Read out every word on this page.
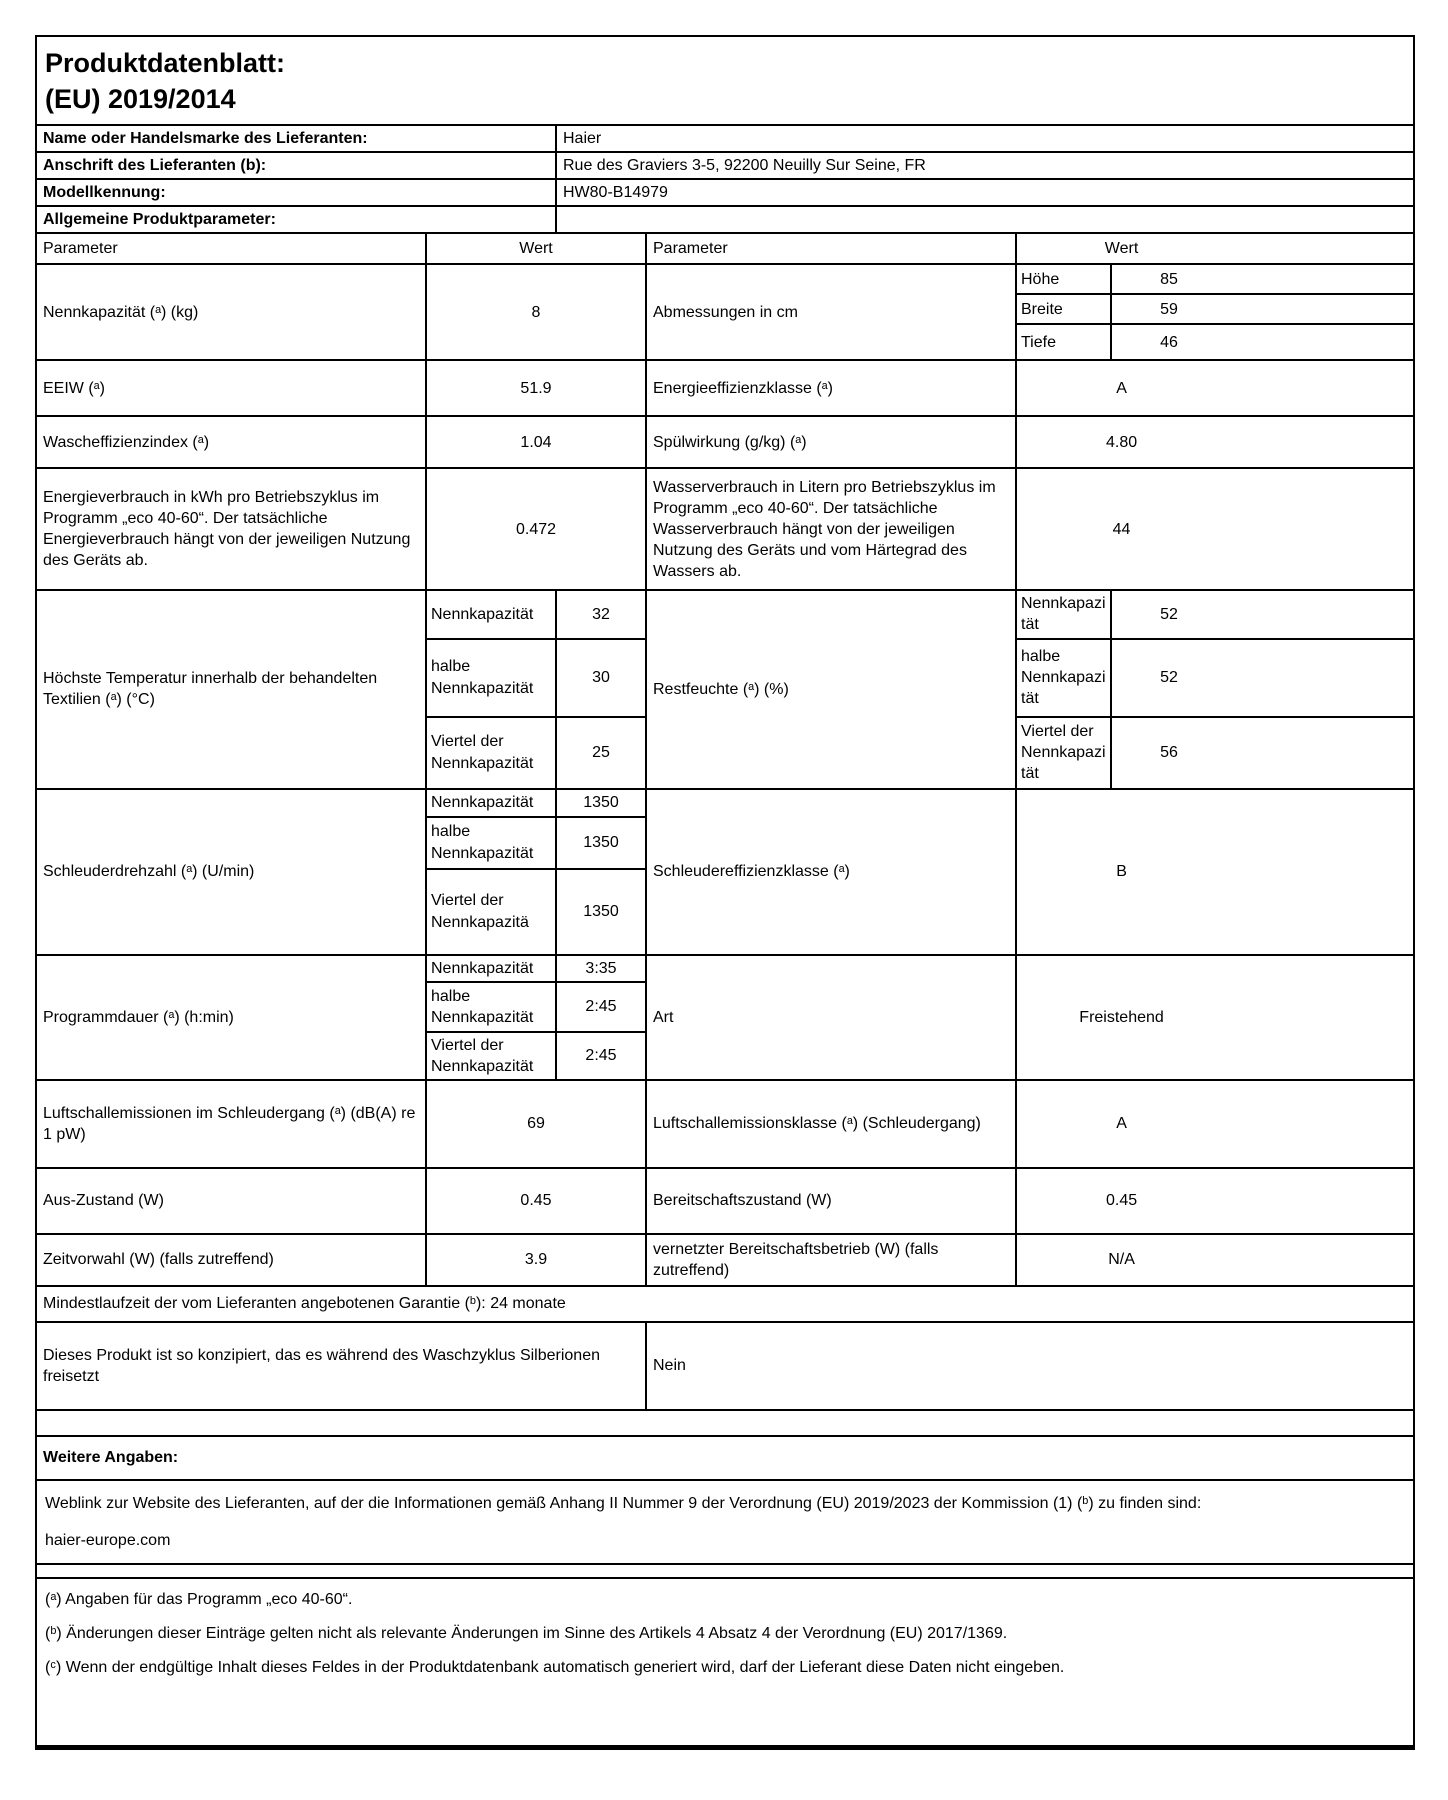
Produktdatenblatt:
(EU) 2019/2014					

Name oder Handelsmarke des Lieferanten:		Haier			
Anschrift des Lieferanten (b):		Rue des Graviers 3-5, 92200 Neuilly Sur Seine, FR			
Modellkennung:		HW80-B14979			
Allgemeine Produktparameter:					
Parameter	Wert		Parameter	Wert	
Nennkapazität (ᵃ) (kg)	8		Abmessungen in cm	Höhe	85
				Breite	59
				Tiefe	46
EEIW (ᵃ)	51.9		Energieeffizienzklasse (ᵃ)	A	
Wascheffizienzindex (ᵃ)	1.04		Spülwirkung (g/kg) (ᵃ)	4.80	
Energieverbrauch in kWh pro Betriebszyklus im Programm „eco 40-60“. Der tatsächliche Energieverbrauch hängt von der jeweiligen Nutzung des Geräts ab.	0.472		Wasserverbrauch in Litern pro Betriebszyklus im Programm „eco 40-60“. Der tatsächliche Wasserverbrauch hängt von der jeweiligen Nutzung des Geräts und vom Härtegrad des Wassers ab.	44	
Höchste Temperatur innerhalb der behandelten Textilien (ᵃ) (°C)	Nennkapazität	32	Restfeuchte (ᵃ) (%)	Nennkapazität	52
	halbe Nennkapazität	30		halbe Nennkapazität	52
	Viertel der Nennkapazität	25		Viertel der Nennkapazität	56
Schleuderdrehzahl (ᵃ) (U/min)	Nennkapazität	1350	Schleudereffizienzklasse (ᵃ)	B	
	halbe Nennkapazität	1350			
	Viertel der Nennkapazitä	1350			
Programmdauer (ᵃ) (h:min)	Nennkapazität	3:35	Art	Freistehend	
	halbe Nennkapazität	2:45			
	Viertel der Nennkapazität	2:45			
Luftschallemissionen im Schleudergang (ᵃ) (dB(A) re 1 pW)	69		Luftschallemissionsklasse (ᵃ) (Schleudergang)	A	
Aus-Zustand (W)	0.45		Bereitschaftszustand (W)	0.45	
Zeitvorwahl (W) (falls zutreffend)	3.9		vernetzter Bereitschaftsbetrieb (W) (falls zutreffend)	N/A	
Mindestlaufzeit der vom Lieferanten angebotenen Garantie (ᵇ): 24 monate					
Dieses Produkt ist so konzipiert, das es während des Waschzyklus Silberionen freisetzt			Nein		

Weitere Angaben:					

Weblink zur Website des Lieferanten, auf der die Informationen gemäß Anhang II Nummer 9 der Verordnung (EU) 2019/2023 der Kommission (1) (ᵇ) zu finden sind:
haier-europe.com					

(ᵃ) Angaben für das Programm „eco 40-60“.
(ᵇ) Änderungen dieser Einträge gelten nicht als relevante Änderungen im Sinne des Artikels 4 Absatz 4 der Verordnung (EU) 2017/1369.
(ᶜ) Wenn der endgültige Inhalt dieses Feldes in der Produktdatenbank automatisch generiert wird, darf der Lieferant diese Daten nicht eingeben.					
